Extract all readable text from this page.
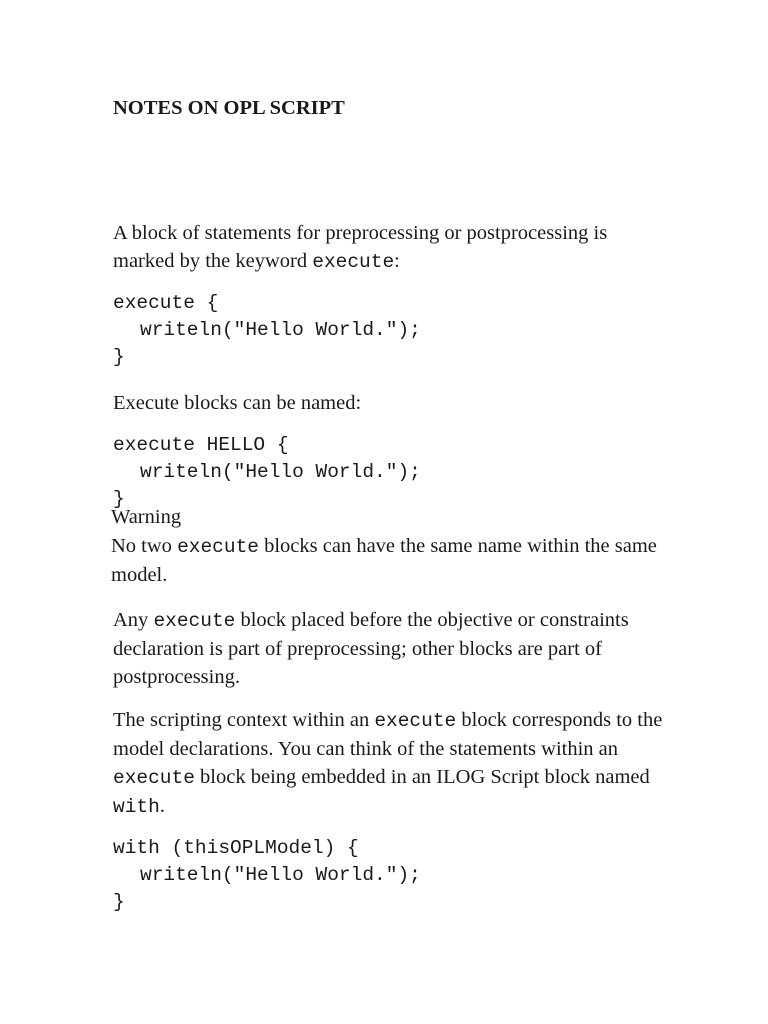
NOTES ON OPL SCRIPT

A block of statements for preprocessing or postprocessing is marked by the keyword execute:

execute {
writeln("Hello World.");
}

Execute blocks can be named:

execute HELLO {
writeln("Hello World.");
}

Warning

No two execute blocks can have the same name within the same model.

Any execute block placed before the objective or constraints declaration is part of preprocessing; other blocks are part of postprocessing.

The scripting context within an execute block corresponds to the model declarations. You can think of the statements within an execute block being embedded in an ILOG Script block named with.

with (thisOPLModel) {
writeln("Hello World.");
}
